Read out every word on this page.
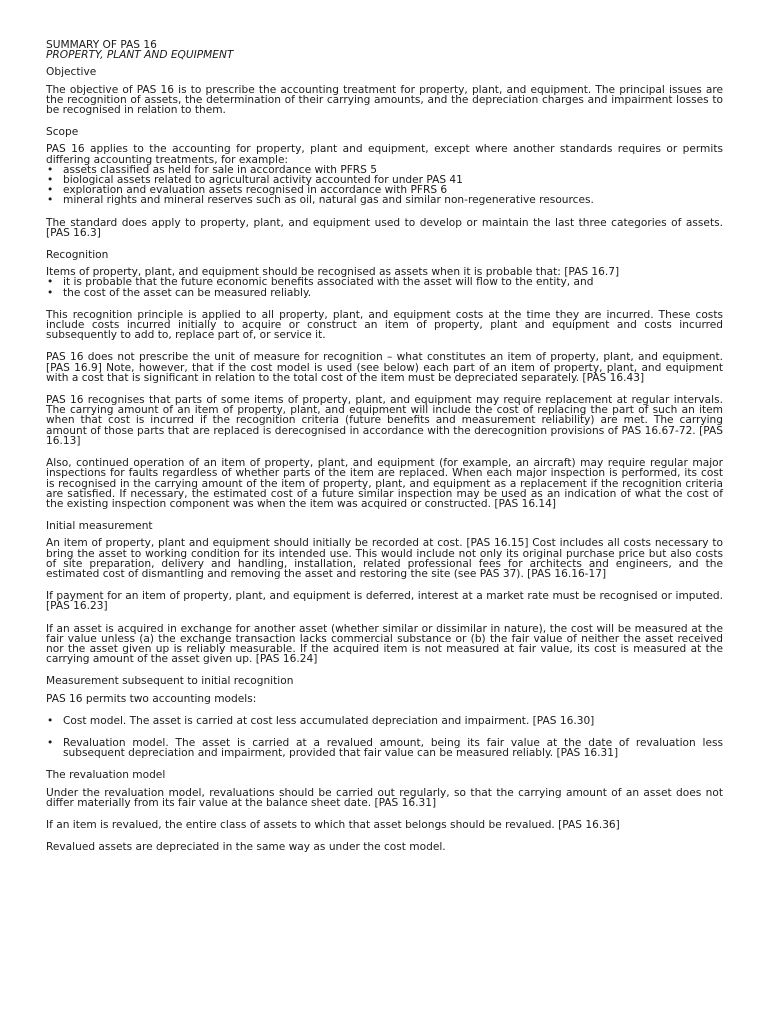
SUMMARY OF PAS 16
PROPERTY, PLANT AND EQUIPMENT
Objective

The objective of PAS 16 is to prescribe the accounting treatment for property, plant, and equipment. The principal issues are the recognition of assets, the determination of their carrying amounts, and the depreciation charges and impairment losses to be recognised in relation to them.

Scope

PAS 16 applies to the accounting for property, plant and equipment, except where another standards requires or permits differing accounting treatments, for example:

• assets classified as held for sale in accordance with PFRS 5
• biological assets related to agricultural activity accounted for under PAS 41
• exploration and evaluation assets recognised in accordance with PFRS 6
• mineral rights and mineral reserves such as oil, natural gas and similar non-regenerative resources.

The standard does apply to property, plant, and equipment used to develop or maintain the last three categories of assets. [PAS 16.3]

Recognition

Items of property, plant, and equipment should be recognised as assets when it is probable that: [PAS 16.7]

• it is probable that the future economic benefits associated with the asset will flow to the entity, and
• the cost of the asset can be measured reliably.

This recognition principle is applied to all property, plant, and equipment costs at the time they are incurred. These costs include costs incurred initially to acquire or construct an item of property, plant and equipment and costs incurred subsequently to add to, replace part of, or service it.

PAS 16 does not prescribe the unit of measure for recognition – what constitutes an item of property, plant, and equipment. [PAS 16.9] Note, however, that if the cost model is used (see below) each part of an item of property, plant, and equipment with a cost that is significant in relation to the total cost of the item must be depreciated separately. [PAS 16.43]

PAS 16 recognises that parts of some items of property, plant, and equipment may require replacement at regular intervals. The carrying amount of an item of property, plant, and equipment will include the cost of replacing the part of such an item when that cost is incurred if the recognition criteria (future benefits and measurement reliability) are met. The carrying amount of those parts that are replaced is derecognised in accordance with the derecognition provisions of PAS 16.67-72. [PAS 16.13]

Also, continued operation of an item of property, plant, and equipment (for example, an aircraft) may require regular major inspections for faults regardless of whether parts of the item are replaced. When each major inspection is performed, its cost is recognised in the carrying amount of the item of property, plant, and equipment as a replacement if the recognition criteria are satisfied. If necessary, the estimated cost of a future similar inspection may be used as an indication of what the cost of the existing inspection component was when the item was acquired or constructed. [PAS 16.14]

Initial measurement

An item of property, plant and equipment should initially be recorded at cost. [PAS 16.15] Cost includes all costs necessary to bring the asset to working condition for its intended use. This would include not only its original purchase price but also costs of site preparation, delivery and handling, installation, related professional fees for architects and engineers, and the estimated cost of dismantling and removing the asset and restoring the site (see PAS 37). [PAS 16.16-17]

If payment for an item of property, plant, and equipment is deferred, interest at a market rate must be recognised or imputed. [PAS 16.23]

If an asset is acquired in exchange for another asset (whether similar or dissimilar in nature), the cost will be measured at the fair value unless (a) the exchange transaction lacks commercial substance or (b) the fair value of neither the asset received nor the asset given up is reliably measurable. If the acquired item is not measured at fair value, its cost is measured at the carrying amount of the asset given up. [PAS 16.24]

Measurement subsequent to initial recognition

PAS 16 permits two accounting models:

• Cost model. The asset is carried at cost less accumulated depreciation and impairment. [PAS 16.30]
• Revaluation model. The asset is carried at a revalued amount, being its fair value at the date of revaluation less subsequent depreciation and impairment, provided that fair value can be measured reliably. [PAS 16.31]
The revaluation model

Under the revaluation model, revaluations should be carried out regularly, so that the carrying amount of an asset does not differ materially from its fair value at the balance sheet date. [PAS 16.31]

If an item is revalued, the entire class of assets to which that asset belongs should be revalued. [PAS 16.36]

Revalued assets are depreciated in the same way as under the cost model.
